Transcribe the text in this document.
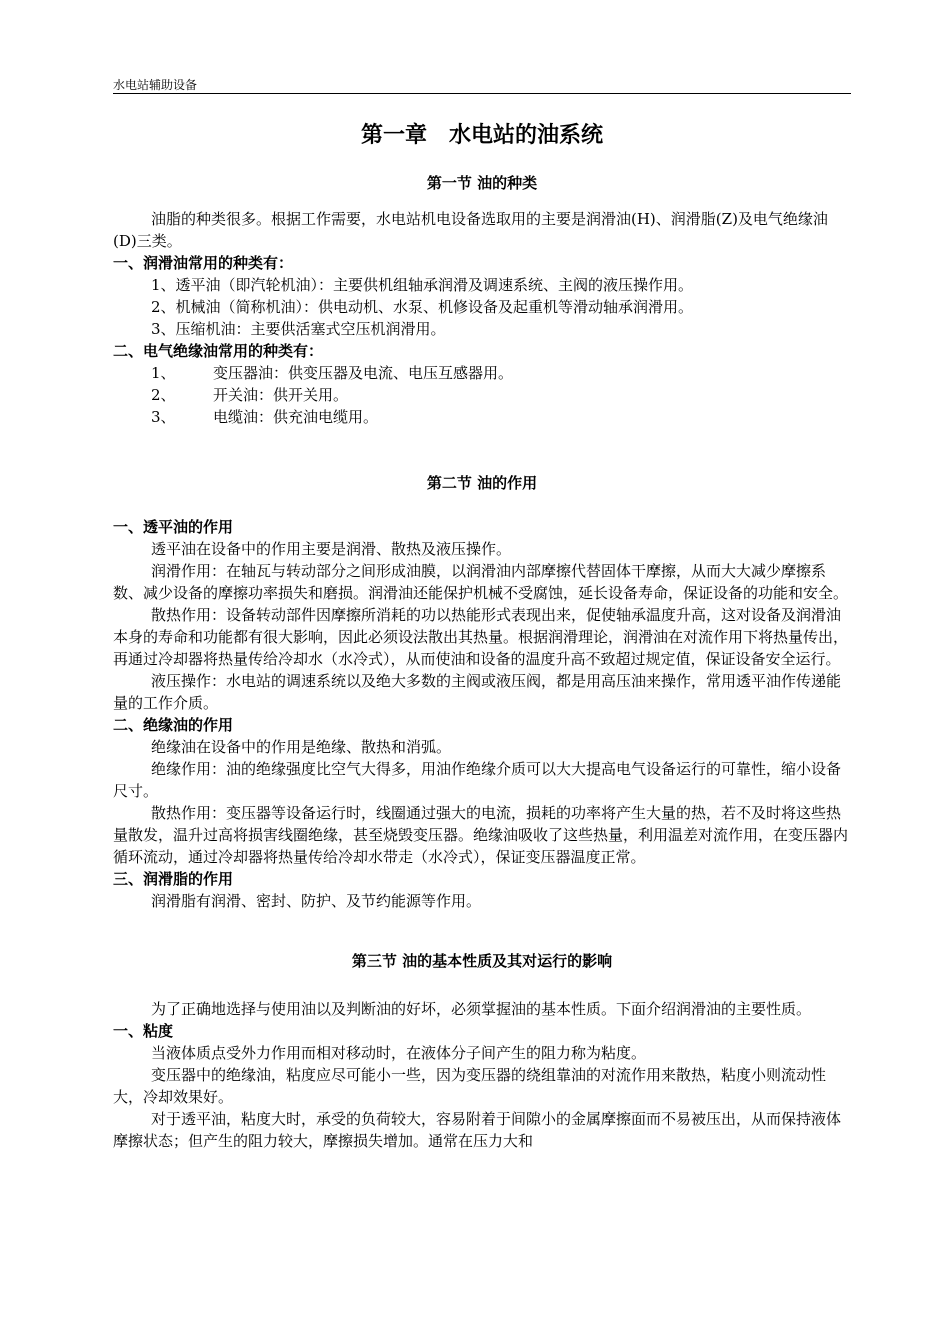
水电站辅助设备
第一章　水电站的油系统
第一节 油的种类

油脂的种类很多。根据工作需要，水电站机电设备选取用的主要是润滑油(H)、润滑脂(Z)及电气绝缘油(D)三类。

一、润滑油常用的种类有：

1、透平油（即汽轮机油）：主要供机组轴承润滑及调速系统、主阀的液压操作用。

2、机械油（简称机油）：供电动机、水泵、机修设备及起重机等滑动轴承润滑用。

3、压缩机油：主要供活塞式空压机润滑用。

二、电气绝缘油常用的种类有：

1、 变压器油：供变压器及电流、电压互感器用。

2、 开关油：供开关用。

3、 电缆油：供充油电缆用。

第二节 油的作用
一、透平油的作用

透平油在设备中的作用主要是润滑、散热及液压操作。

润滑作用：在轴瓦与转动部分之间形成油膜，以润滑油内部摩擦代替固体干摩擦，从而大大减少摩擦系数、减少设备的摩擦功率损失和磨损。润滑油还能保护机械不受腐蚀，延长设备寿命，保证设备的功能和安全。

散热作用：设备转动部件因摩擦所消耗的功以热能形式表现出来，促使轴承温度升高，这对设备及润滑油本身的寿命和功能都有很大影响，因此必须设法散出其热量。根据润滑理论，润滑油在对流作用下将热量传出，再通过冷却器将热量传给冷却水（水冷式），从而使油和设备的温度升高不致超过规定值，保证设备安全运行。

液压操作：水电站的调速系统以及绝大多数的主阀或液压阀，都是用高压油来操作，常用透平油作传递能量的工作介质。

二、绝缘油的作用

绝缘油在设备中的作用是绝缘、散热和消弧。

绝缘作用：油的绝缘强度比空气大得多，用油作绝缘介质可以大大提高电气设备运行的可靠性，缩小设备尺寸。

散热作用：变压器等设备运行时，线圈通过强大的电流，损耗的功率将产生大量的热，若不及时将这些热量散发，温升过高将损害线圈绝缘，甚至烧毁变压器。绝缘油吸收了这些热量，利用温差对流作用，在变压器内循环流动，通过冷却器将热量传给冷却水带走（水冷式），保证变压器温度正常。

三、润滑脂的作用

润滑脂有润滑、密封、防护、及节约能源等作用。

第三节 油的基本性质及其对运行的影响

为了正确地选择与使用油以及判断油的好坏，必须掌握油的基本性质。下面介绍润滑油的主要性质。

一、粘度

当液体质点受外力作用而相对移动时，在液体分子间产生的阻力称为粘度。

变压器中的绝缘油，粘度应尽可能小一些，因为变压器的绕组靠油的对流作用来散热，粘度小则流动性大，冷却效果好。

对于透平油，粘度大时，承受的负荷较大，容易附着于间隙小的金属摩擦面而不易被压出，从而保持液体摩擦状态；但产生的阻力较大，摩擦损失增加。通常在压力大和
